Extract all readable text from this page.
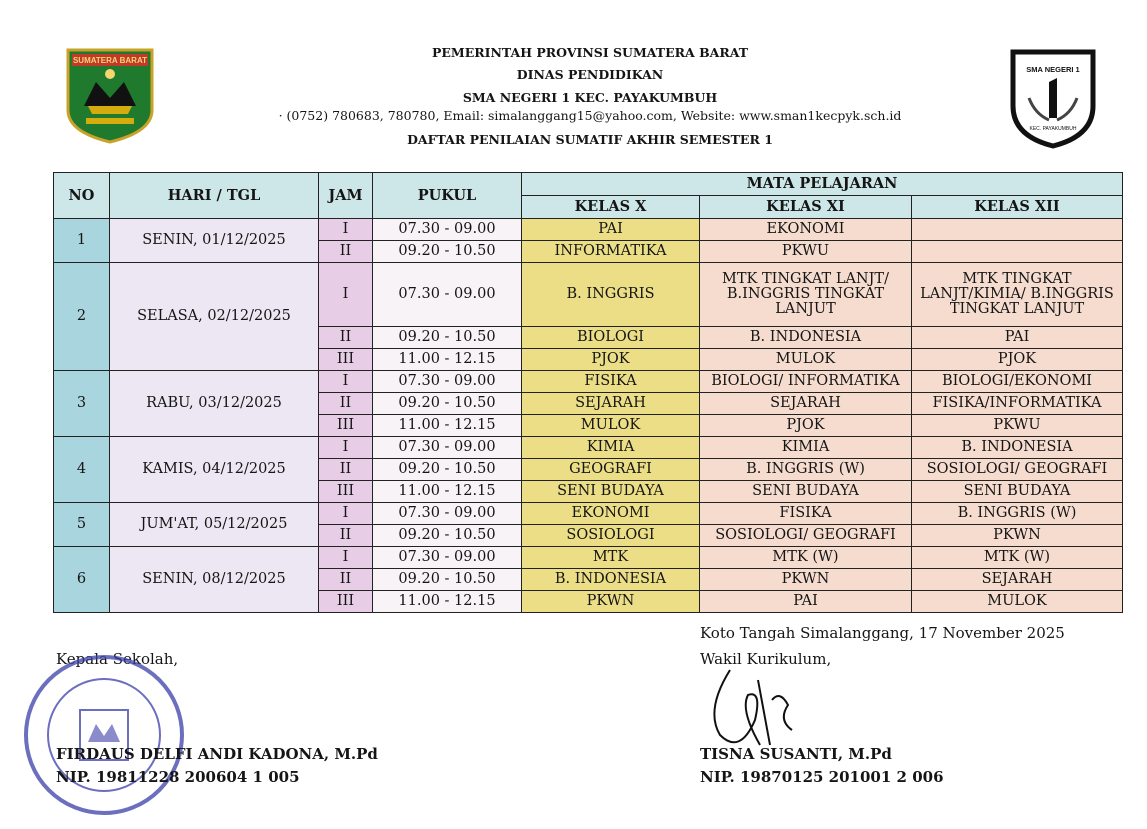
SUMATERA BARAT
PEMERINTAH PROVINSI SUMATERA BARAT
DINAS PENDIDIKAN
SMA NEGERI 1 KEC. PAYAKUMBUH
· (0752) 780683, 780780, Email: simalanggang15@yahoo.com, Website: www.sman1kecpyk.sch.id
DAFTAR PENILAIAN SUMATIF AKHIR SEMESTER 1
SMA NEGERI 1
KEC. PAYAKUMBUH
NO	HARI / TGL	JAM	PUKUL	MATA PELAJARAN		
				KELAS X	KELAS XI	KELAS XII
1	SENIN, 01/12/2025	I	07.30 - 09.00	PAI	EKONOMI	
		II	09.20 - 10.50	INFORMATIKA	PKWU	
2	SELASA, 02/12/2025	I	07.30 - 09.00	B. INGGRIS	MTK TINGKAT LANJT/ B.INGGRIS TINGKAT LANJUT	MTK TINGKAT LANJT/KIMIA/ B.INGGRIS TINGKAT LANJUT
		II	09.20 - 10.50	BIOLOGI	B. INDONESIA	PAI
		III	11.00 - 12.15	PJOK	MULOK	PJOK
3	RABU, 03/12/2025	I	07.30 - 09.00	FISIKA	BIOLOGI/ INFORMATIKA	BIOLOGI/EKONOMI
		II	09.20 - 10.50	SEJARAH	SEJARAH	FISIKA/INFORMATIKA
		III	11.00 - 12.15	MULOK	PJOK	PKWU
4	KAMIS, 04/12/2025	I	07.30 - 09.00	KIMIA	KIMIA	B. INDONESIA
		II	09.20 - 10.50	GEOGRAFI	B. INGGRIS (W)	SOSIOLOGI/ GEOGRAFI
		III	11.00 - 12.15	SENI BUDAYA	SENI BUDAYA	SENI BUDAYA
5	JUM'AT, 05/12/2025	I	07.30 - 09.00	EKONOMI	FISIKA	B. INGGRIS (W)
		II	09.20 - 10.50	SOSIOLOGI	SOSIOLOGI/ GEOGRAFI	PKWN
6	SENIN, 08/12/2025	I	07.30 - 09.00	MTK	MTK (W)	MTK (W)
		II	09.20 - 10.50	B. INDONESIA	PKWN	SEJARAH
		III	11.00 - 12.15	PKWN	PAI	MULOK
Koto Tangah Simalanggang, 17 November 2025
Kepala Sekolah,	Wakil Kurikulum,
FIRDAUS DELFI ANDI KADONA, M.Pd
NIP. 19811228 200604 1 005
TISNA SUSANTI, M.Pd
NIP. 19870125 201001 2 006
